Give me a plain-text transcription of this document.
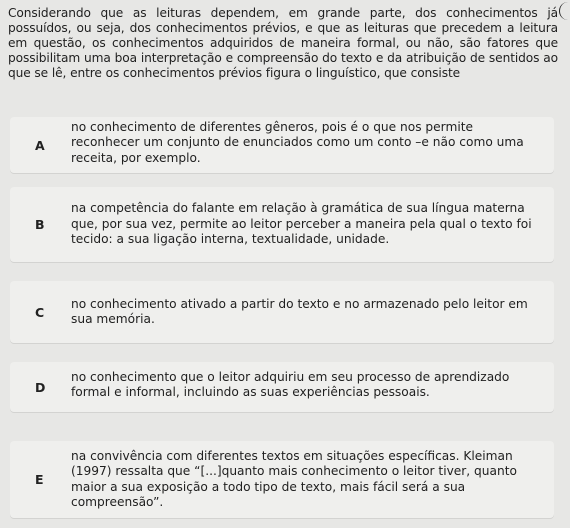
Considerando que as leituras dependem, em grande parte, dos conhecimentos já possuídos, ou seja, dos conhecimentos prévios, e que as leituras que precedem a leitura em questão, os conhecimentos adquiridos de maneira formal, ou não, são fatores que possibilitam uma boa interpretação e compreensão do texto e da atribuição de sentidos ao que se lê, entre os conhecimentos prévios figura o linguístico, que consiste
A
no conhecimento de diferentes gêneros, pois é o que nos permite reconhecer um conjunto de enunciados como um conto –e não como uma receita, por exemplo.
B
na competência do falante em relação à gramática de sua língua materna que, por sua vez, permite ao leitor perceber a maneira pela qual o texto foi tecido: a sua ligação interna, textualidade, unidade.
C
no conhecimento ativado a partir do texto e no armazenado pelo leitor em sua memória.
D
no conhecimento que o leitor adquiriu em seu processo de aprendizado formal e informal, incluindo as suas experiências pessoais.
E
na convivência com diferentes textos em situações específicas. Kleiman (1997) ressalta que “[...]quanto mais conhecimento o leitor tiver, quanto maior a sua exposição a todo tipo de texto, mais fácil será a sua compreensão”.
